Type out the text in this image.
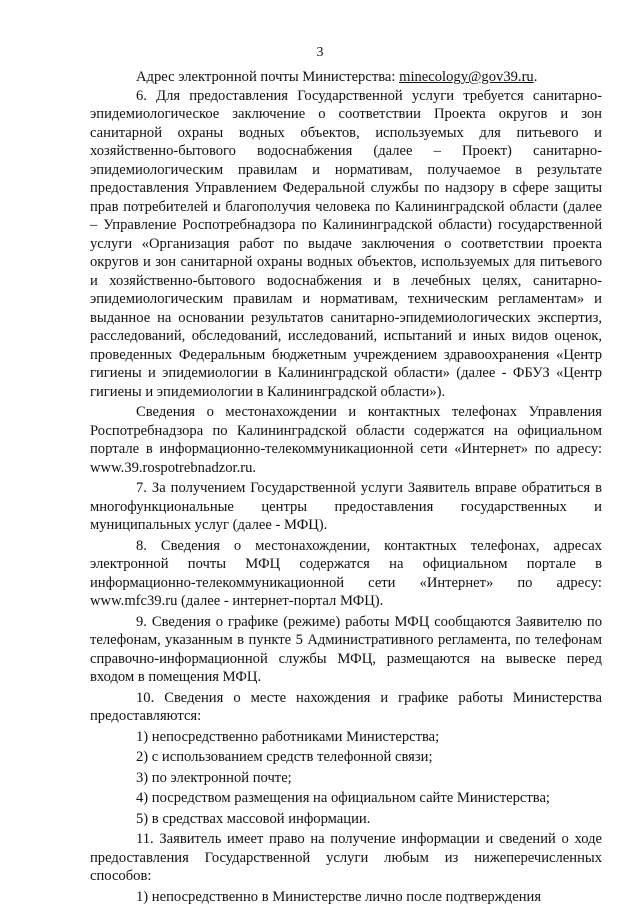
3

Адрес электронной почты Министерства: minecology@gov39.ru.

6. Для предоставления Государственной услуги требуется санитарно-эпидемиологическое заключение о соответствии Проекта округов и зон санитарной охраны водных объектов, используемых для питьевого и хозяйственно-бытового водоснабжения (далее – Проект) санитарно-эпидемиологическим правилам и нормативам, получаемое в результате предоставления Управлением Федеральной службы по надзору в сфере защиты прав потребителей и благополучия человека по Калининградской области (далее – Управление Роспотребнадзора по Калининградской области) государственной услуги «Организация работ по выдаче заключения о соответствии проекта округов и зон санитарной охраны водных объектов, используемых для питьевого и хозяйственно-бытового водоснабжения и в лечебных целях, санитарно-эпидемиологическим правилам и нормативам, техническим регламентам» и выданное на основании результатов санитарно-эпидемиологических экспертиз, расследований, обследований, исследований, испытаний и иных видов оценок, проведенных Федеральным бюджетным учреждением здравоохранения «Центр гигиены и эпидемиологии в Калининградской области» (далее - ФБУЗ «Центр гигиены и эпидемиологии в Калининградской области»).

Сведения о местонахождении и контактных телефонах Управления Роспотребнадзора по Калининградской области содержатся на официальном портале в информационно-телекоммуникационной сети «Интернет» по адресу: www.39.rospotrebnadzor.ru.

7. За получением Государственной услуги Заявитель вправе обратиться в многофункциональные центры предоставления государственных и муниципальных услуг (далее - МФЦ).

8. Сведения о местонахождении, контактных телефонах, адресах электронной почты МФЦ содержатся на официальном портале в информационно-телекоммуникационной сети «Интернет» по адресу: www.mfc39.ru (далее - интернет-портал МФЦ).

9. Сведения о графике (режиме) работы МФЦ сообщаются Заявителю по телефонам, указанным в пункте 5 Административного регламента, по телефонам справочно-информационной службы МФЦ, размещаются на вывеске перед входом в помещения МФЦ.

10. Сведения о месте нахождения и графике работы Министерства предоставляются:

1) непосредственно работниками Министерства;

2) с использованием средств телефонной связи;

3) по электронной почте;

4) посредством размещения на официальном сайте Министерства;

5) в средствах массовой информации.

11. Заявитель имеет право на получение информации и сведений о ходе предоставления Государственной услуги любым из нижеперечисленных способов:

1) непосредственно в Министерстве лично после подтверждения
